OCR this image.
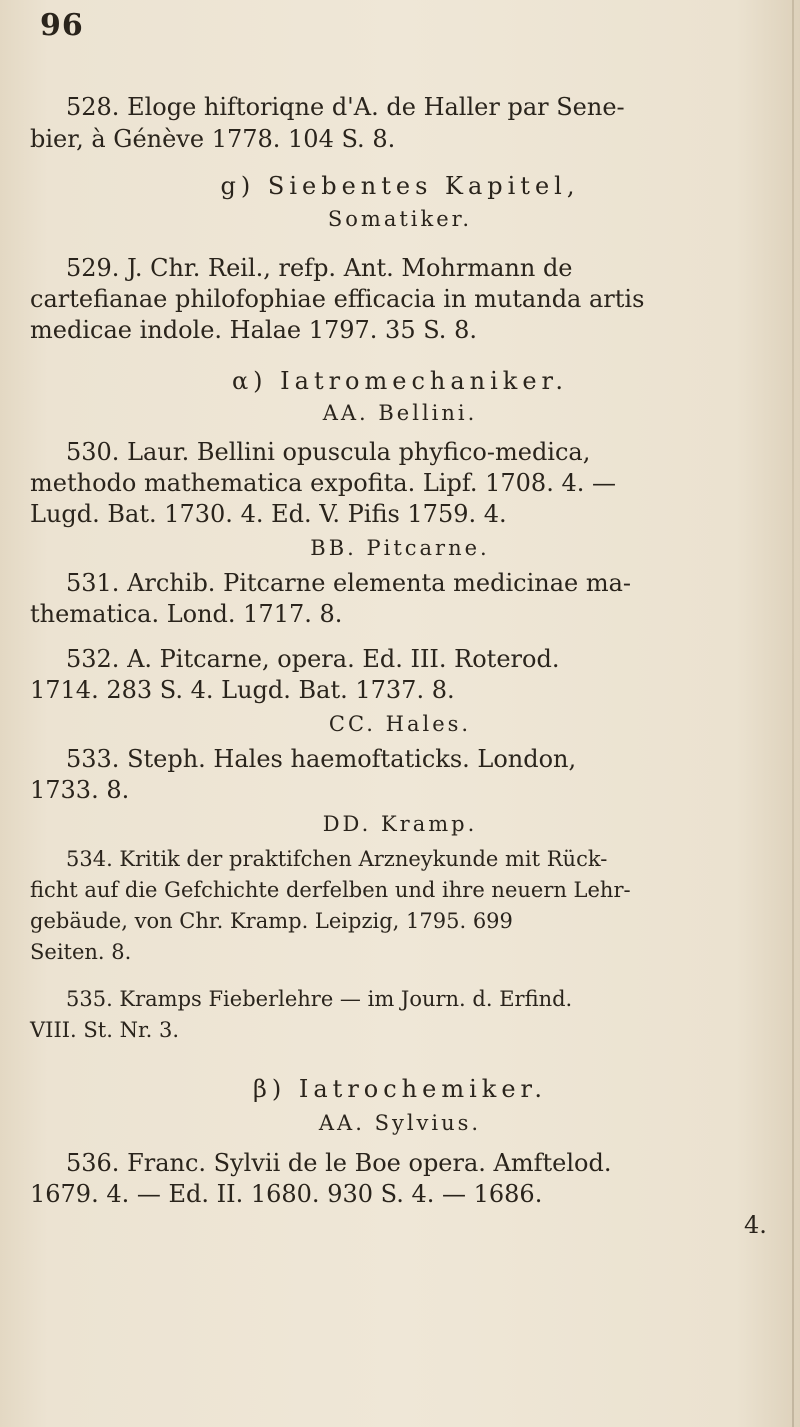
96
528. Eloge hiftoriqne d'A. de Haller par Sene-
bier, à Génève 1778. 104 S. 8.
g) Siebentes Kapitel,
Somatiker.
529. J. Chr. Reil., refp. Ant. Mohrmann de
cartefianae philofophiae efficacia in mutanda artis
medicae indole. Halae 1797. 35 S. 8.
α) Iatromechaniker.
AA. Bellini.
530. Laur. Bellini opuscula phyfico-medica,
methodo mathematica expofita. Lipf. 1708. 4. —
Lugd. Bat. 1730. 4. Ed. V. Pifis 1759. 4.
BB. Pitcarne.
531. Archib. Pitcarne elementa medicinae ma-
thematica. Lond. 1717. 8.
532. A. Pitcarne, opera. Ed. III. Roterod.
1714. 283 S. 4. Lugd. Bat. 1737. 8.
CC. Hales.
533. Steph. Hales haemoftaticks. London,
1733. 8.
DD. Kramp.
534. Kritik der praktifchen Arzneykunde mit Rück-
ficht auf die Gefchichte derfelben und ihre neuern Lehr-
gebäude, von Chr. Kramp. Leipzig, 1795. 699
Seiten. 8.
535. Kramps Fieberlehre — im Journ. d. Erfind.
VIII. St. Nr. 3.
β) Iatrochemiker.
AA. Sylvius.
536. Franc. Sylvii de le Boe opera. Amftelod.
1679. 4. — Ed. II. 1680. 930 S. 4. — 1686.
4.
